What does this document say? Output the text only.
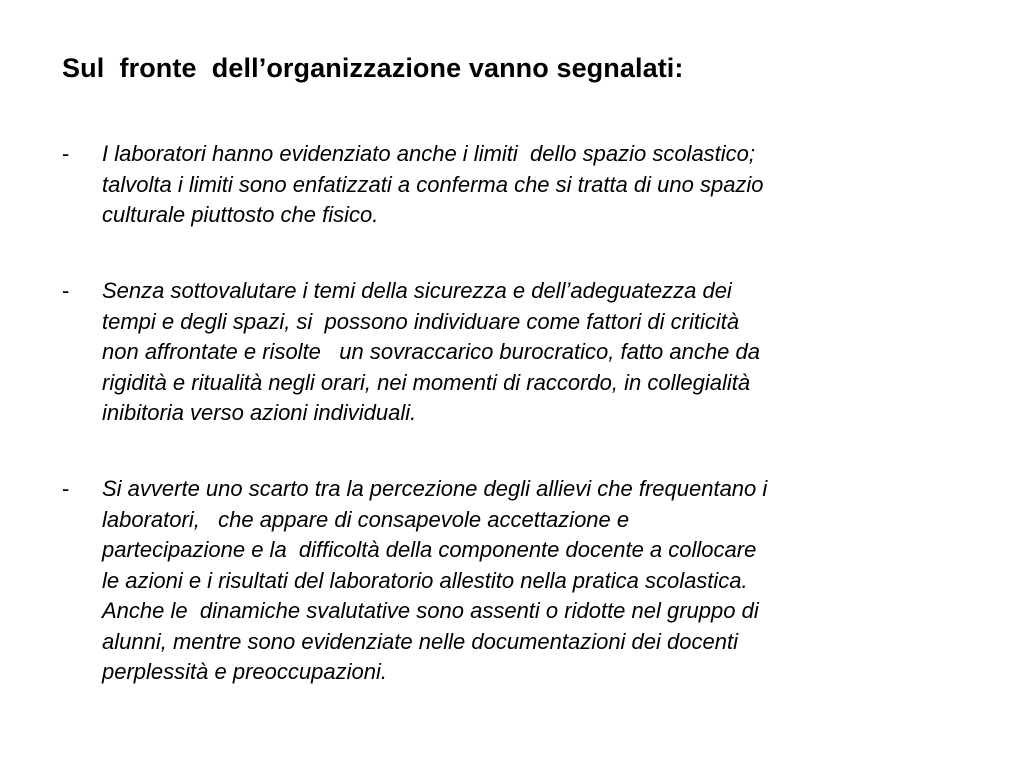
Sul  fronte  dell’organizzazione vanno segnalati:
- I laboratori hanno evidenziato anche i limiti  dello spazio scolastico;
talvolta i limiti sono enfatizzati a conferma che si tratta di uno spazio
culturale piuttosto che fisico.

- Senza sottovalutare i temi della sicurezza e dell’adeguatezza dei
tempi e degli spazi, si  possono individuare come fattori di criticità
non affrontate e risolte   un sovraccarico burocratico, fatto anche da
rigidità e ritualità negli orari, nei momenti di raccordo, in collegialità
inibitoria verso azioni individuali.

- Si avverte uno scarto tra la percezione degli allievi che frequentano i
laboratori,   che appare di consapevole accettazione e
partecipazione e la  difficoltà della componente docente a collocare
le azioni e i risultati del laboratorio allestito nella pratica scolastica.
Anche le  dinamiche svalutative sono assenti o ridotte nel gruppo di
alunni, mentre sono evidenziate nelle documentazioni dei docenti
perplessità e preoccupazioni.
